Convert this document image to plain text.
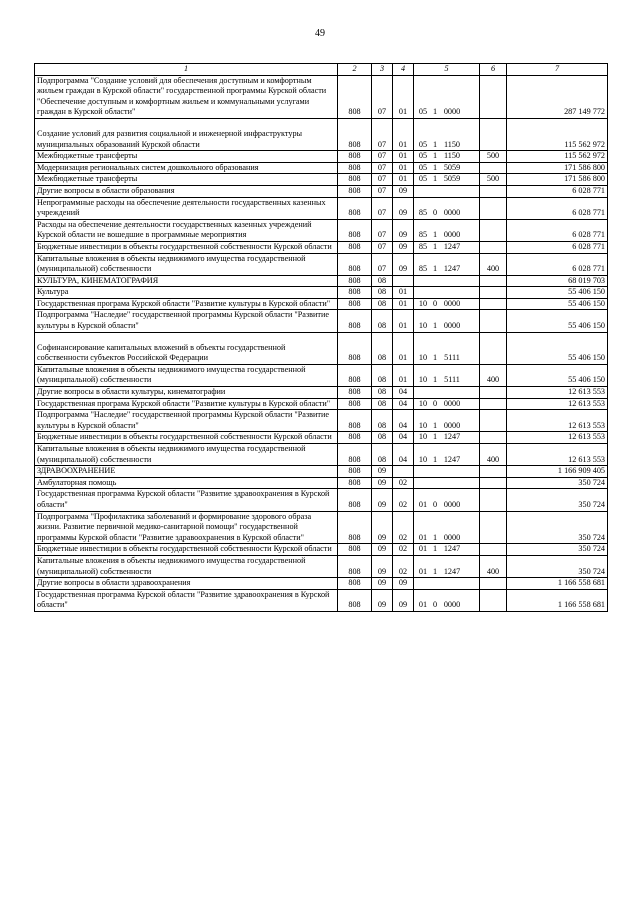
49
1	2	3	4	5	6	7
Подпрограмма "Создание условий для обеспечения доступным и комфортным жильем граждан в Курской области" государственной программы Курской области "Обеспечение доступным и комфортным жильем и коммунальными услугами граждан в Курской области"	808	07	01	05 1 0000		287 149 772
Создание условий для развития социальной и инженерной инфраструктуры муниципальных образований Курской области	808	07	01	05 1 1150		115 562 972
Межбюджетные трансферты	808	07	01	05 1 1150	500	115 562 972
Модернизация региональных систем дошкольного образования	808	07	01	05 1 5059		171 586 800
Межбюджетные трансферты	808	07	01	05 1 5059	500	171 586 800
Другие вопросы в области образования	808	07	09			6 028 771
Непрограммные расходы на обеспечение деятельности государственных казенных учреждений	808	07	09	85 0 0000		6 028 771
Расходы на обеспечение деятельности государственных казенных учреждений Курской области не вошедшие в программные мероприятия	808	07	09	85 1 0000		6 028 771
Бюджетные инвестиции в объекты государственной собственности Курской области	808	07	09	85 1 1247		6 028 771
Капитальные вложения в объекты недвижимого имущества государственной (муниципальной) собственности	808	07	09	85 1 1247	400	6 028 771
КУЛЬТУРА, КИНЕМАТОГРАФИЯ	808	08				68 019 703
Культура	808	08	01			55 406 150
Государственная програма Курской области "Развитие культуры в Курской области"	808	08	01	10 0 0000		55 406 150
Подпрограмма "Наследие" государственной программы Курской области "Развитие культуры в Курской области"	808	08	01	10 1 0000		55 406 150
Софинансирование капитальных вложений в объекты государственной собственности субъектов Российской Федерации	808	08	01	10 1 5111		55 406 150
Капитальные вложения в объекты недвижимого имущества государственной (муниципальной) собственности	808	08	01	10 1 5111	400	55 406 150
Другие вопросы в области культуры, кинематографии	808	08	04			12 613 553
Государственная програма Курской области "Развитие культуры в Курской области"	808	08	04	10 0 0000		12 613 553
Подпрограмма "Наследие" государственной программы Курской области "Развитие культуры в Курской области"	808	08	04	10 1 0000		12 613 553
Бюджетные инвестиции в объекты государственной собственности Курской области	808	08	04	10 1 1247		12 613 553
Капитальные вложения в объекты недвижимого имущества государственной (муниципальной) собственности	808	08	04	10 1 1247	400	12 613 553
ЗДРАВООХРАНЕНИЕ	808	09				1 166 909 405
Амбулаторная помощь	808	09	02			350 724
Государственная программа Курской области "Развитие здравоохранения в Курской области"	808	09	02	01 0 0000		350 724
Подпрограмма "Профилактика заболеваний и формирование здорового образа жизни. Развитие первичной медико-санитарной помощи" государственной программы Курской области "Развитие здравоохранения в Курской области"	808	09	02	01 1 0000		350 724
Бюджетные инвестиции в объекты государственной собственности Курской области	808	09	02	01 1 1247		350 724
Капитальные вложения в объекты недвижимого имущества государственной (муниципальной) собственности	808	09	02	01 1 1247	400	350 724
Другие вопросы в области здравоохранения	808	09	09			1 166 558 681
Государственная программа Курской области "Развитие здравоохранения в Курской области"	808	09	09	01 0 0000		1 166 558 681
